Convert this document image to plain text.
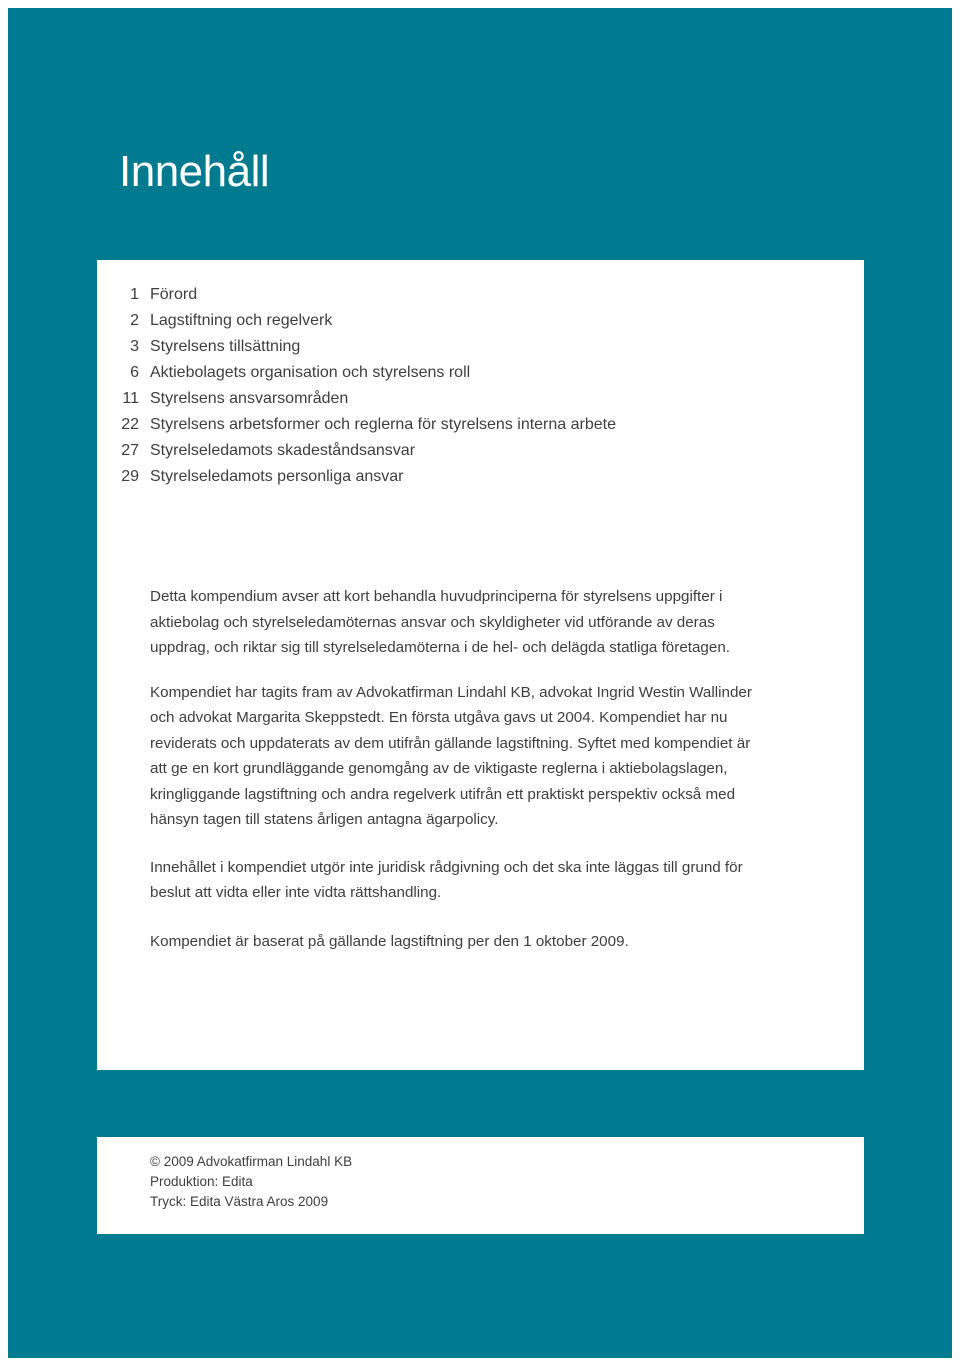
Innehåll
1 Förord
2 Lagstiftning och regelverk
3 Styrelsens tillsättning
6 Aktiebolagets organisation och styrelsens roll
11 Styrelsens ansvarsområden
22 Styrelsens arbetsformer och reglerna för styrelsens interna arbete
27 Styrelseledamots skadeståndsansvar
29 Styrelseledamots personliga ansvar

Detta kompendium avser att kort behandla huvudprinciperna för styrelsens uppgifter i aktiebolag och styrelseledamöternas ansvar och skyldigheter vid utförande av deras uppdrag, och riktar sig till styrelseledamöterna i de hel- och delägda statliga företagen.

Kompendiet har tagits fram av Advokatfirman Lindahl KB, advokat Ingrid Westin Wallinder och advokat Margarita Skeppstedt. En första utgåva gavs ut 2004. Kompendiet har nu reviderats och uppdaterats av dem utifrån gällande lagstiftning. Syftet med kompendiet är att ge en kort grundläggande genomgång av de viktigaste reglerna i aktiebolagslagen, kringliggande lagstiftning och andra regelverk utifrån ett praktiskt perspektiv också med hänsyn tagen till statens årligen antagna ägarpolicy.

Innehållet i kompendiet utgör inte juridisk rådgivning och det ska inte läggas till grund för beslut att vidta eller inte vidta rättshandling.

Kompendiet är baserat på gällande lagstiftning per den 1 oktober 2009.

© 2009 Advokatfirman Lindahl KB
Produktion: Edita
Tryck: Edita Västra Aros 2009
